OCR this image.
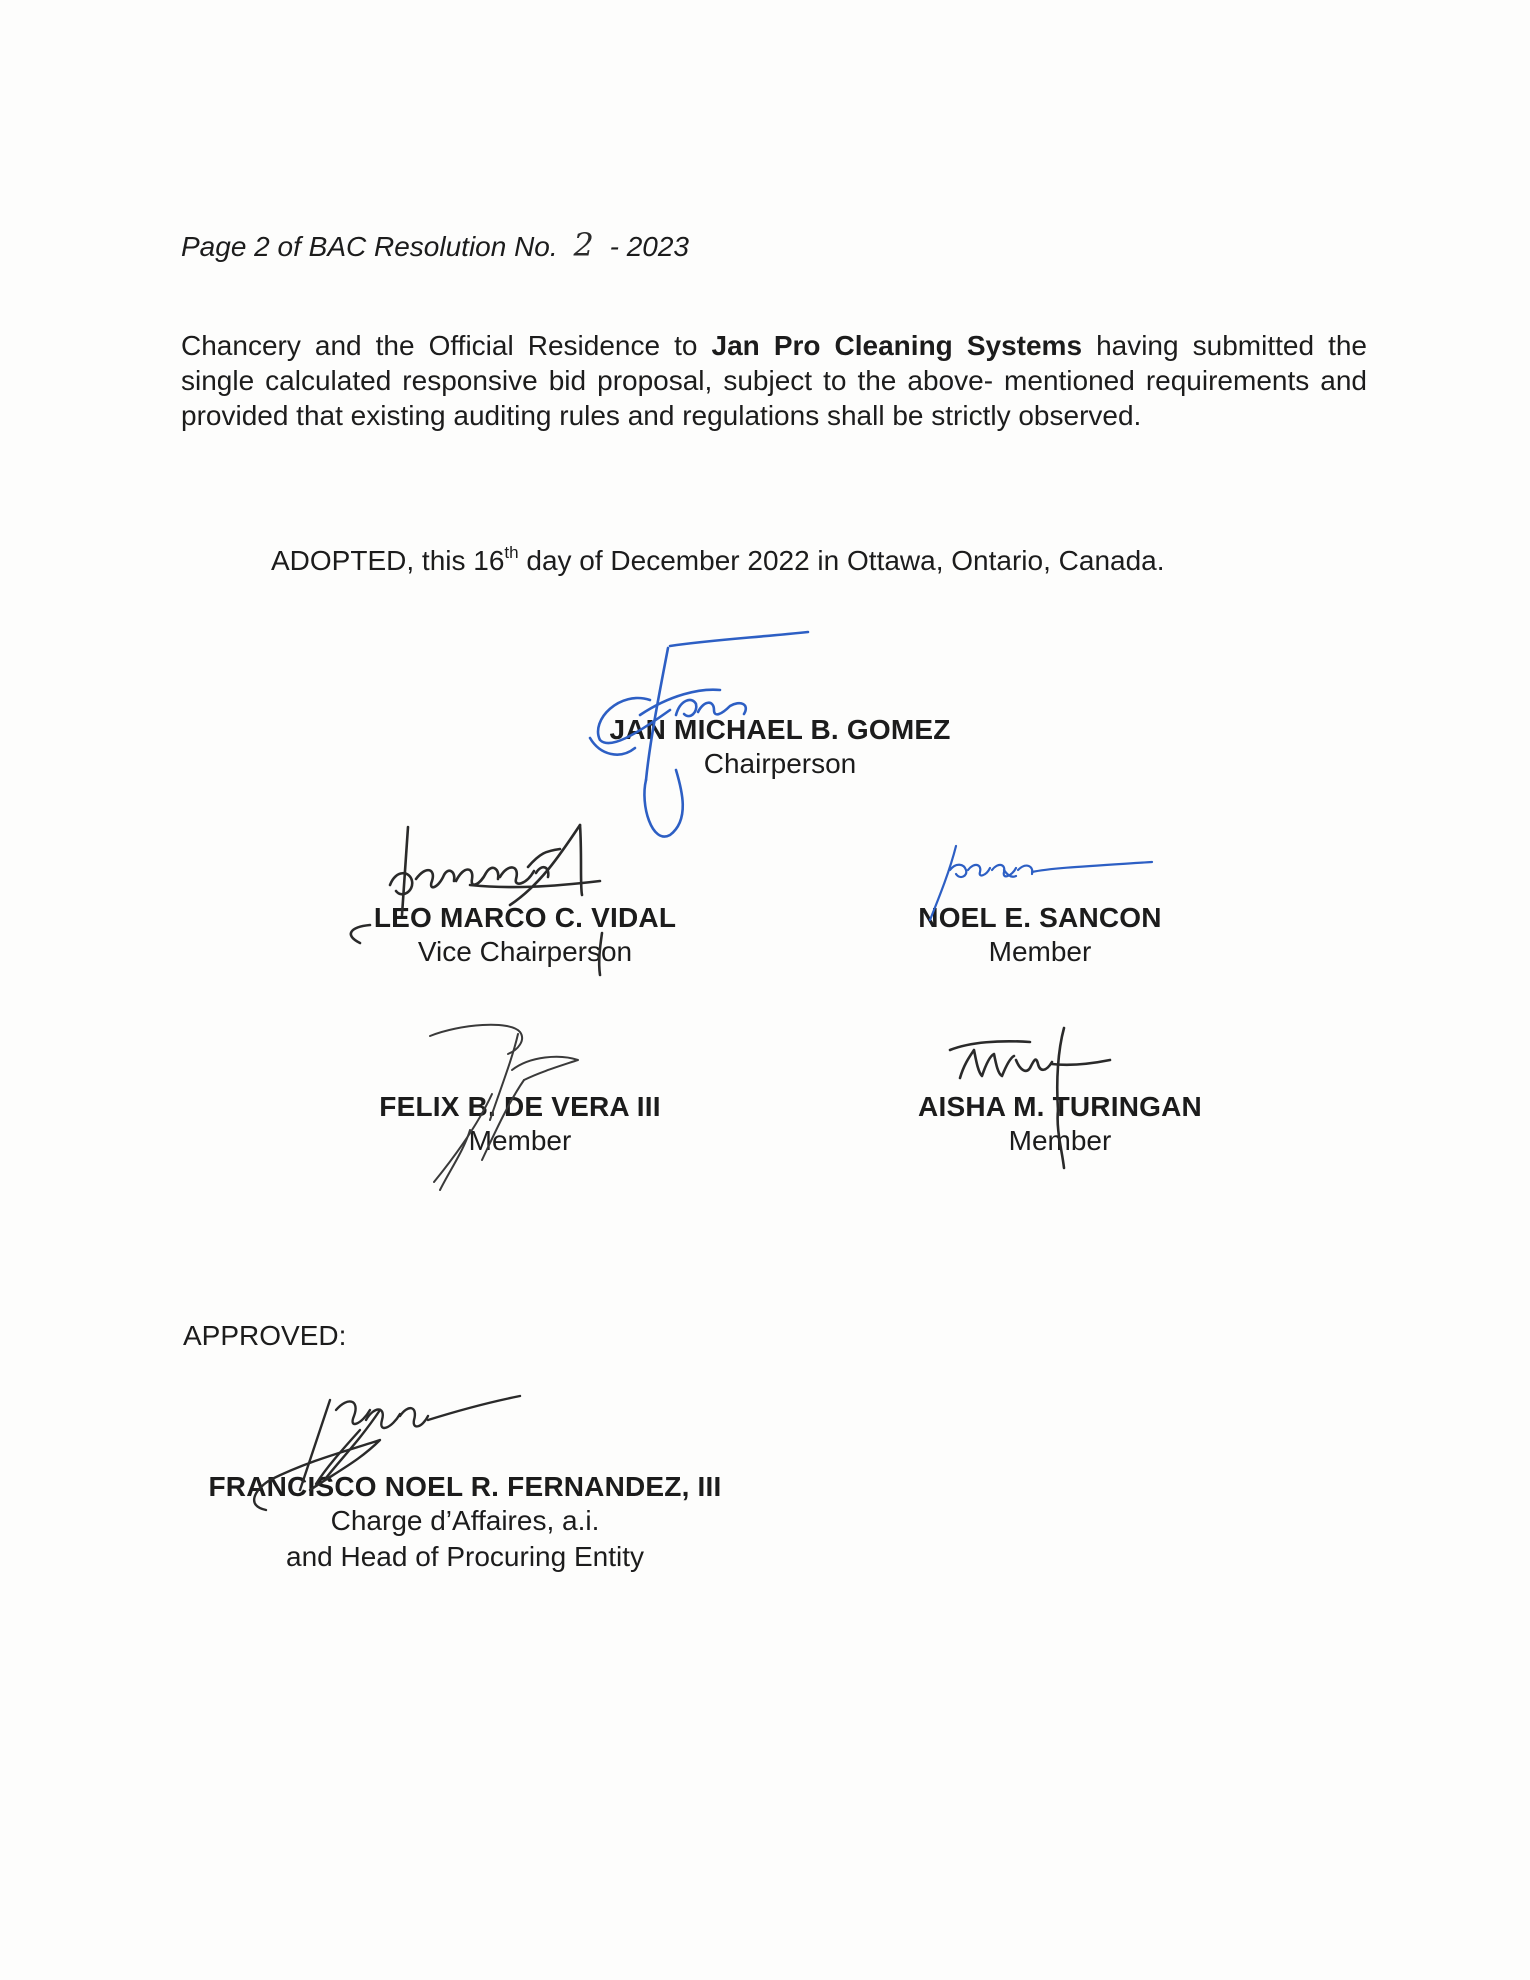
Page 2 of BAC Resolution No. 2 - 2023
Chancery and the Official Residence to Jan Pro Cleaning Systems having submitted the single calculated responsive bid proposal, subject to the above- mentioned requirements and provided that existing auditing rules and regulations shall be strictly observed.
ADOPTED, this 16th day of December 2022 in Ottawa, Ontario, Canada.
JAN MICHAEL B. GOMEZ
Chairperson
LEO MARCO C. VIDAL
Vice Chairperson
NOEL E. SANCON
Member
FELIX B. DE VERA III
Member
AISHA M. TURINGAN
Member
APPROVED:
FRANCISCO NOEL R. FERNANDEZ, III
Charge d’Affaires, a.i.
and Head of Procuring Entity
